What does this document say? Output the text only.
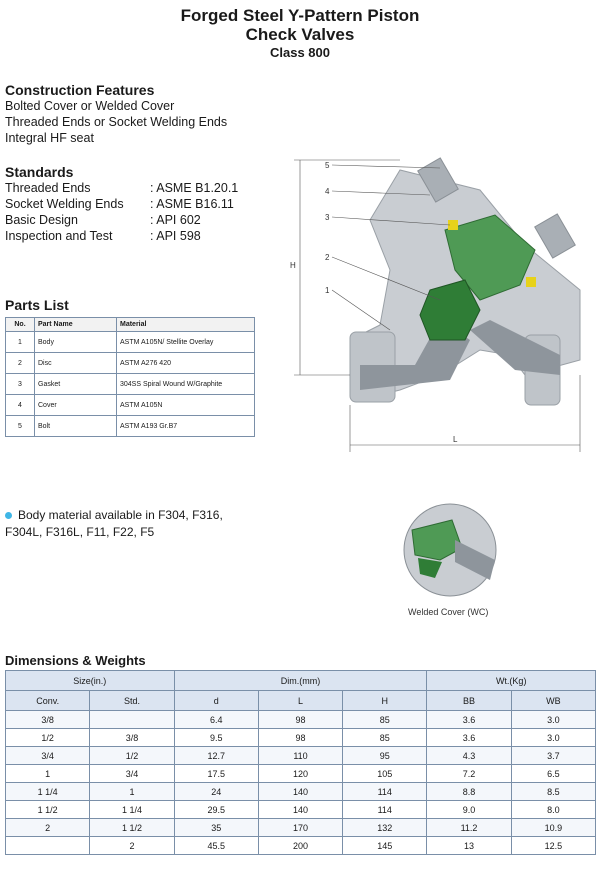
Forged Steel Y-Pattern Piston
Check Valves
Class 800
Construction Features
Bolted Cover or Welded Cover
Threaded Ends or Socket Welding Ends
Integral HF seat
Standards
Threaded Ends	: ASME B1.20.1
Socket Welding Ends	: ASME B16.11
Basic Design	: API 602
Inspection and Test	: API 598
Parts List
No.	Part Name	Material
1	Body	ASTM A105N/ Stellite Overlay
2	Disc	ASTM A276 420
3	Gasket	304SS Spiral Wound W/Graphite
4	Cover	ASTM A105N
5	Bolt	ASTM A193 Gr.B7
5
4
3
2
1
H
L
Body material available in F304, F316,
F304L, F316L, F11, F22, F5
Welded Cover (WC)
Dimensions & Weights
Size(in.)		Dim.(mm)			Wt.(Kg)	
Conv.	Std.	d	L	H	BB	WB
3/8		6.4	98	85	3.6	3.0
1/2	3/8	9.5	98	85	3.6	3.0
3/4	1/2	12.7	110	95	4.3	3.7
1	3/4	17.5	120	105	7.2	6.5
1 1/4	1	24	140	114	8.8	8.5
1 1/2	1 1/4	29.5	140	114	9.0	8.0
2	1 1/2	35	170	132	11.2	10.9
	2	45.5	200	145	13	12.5
